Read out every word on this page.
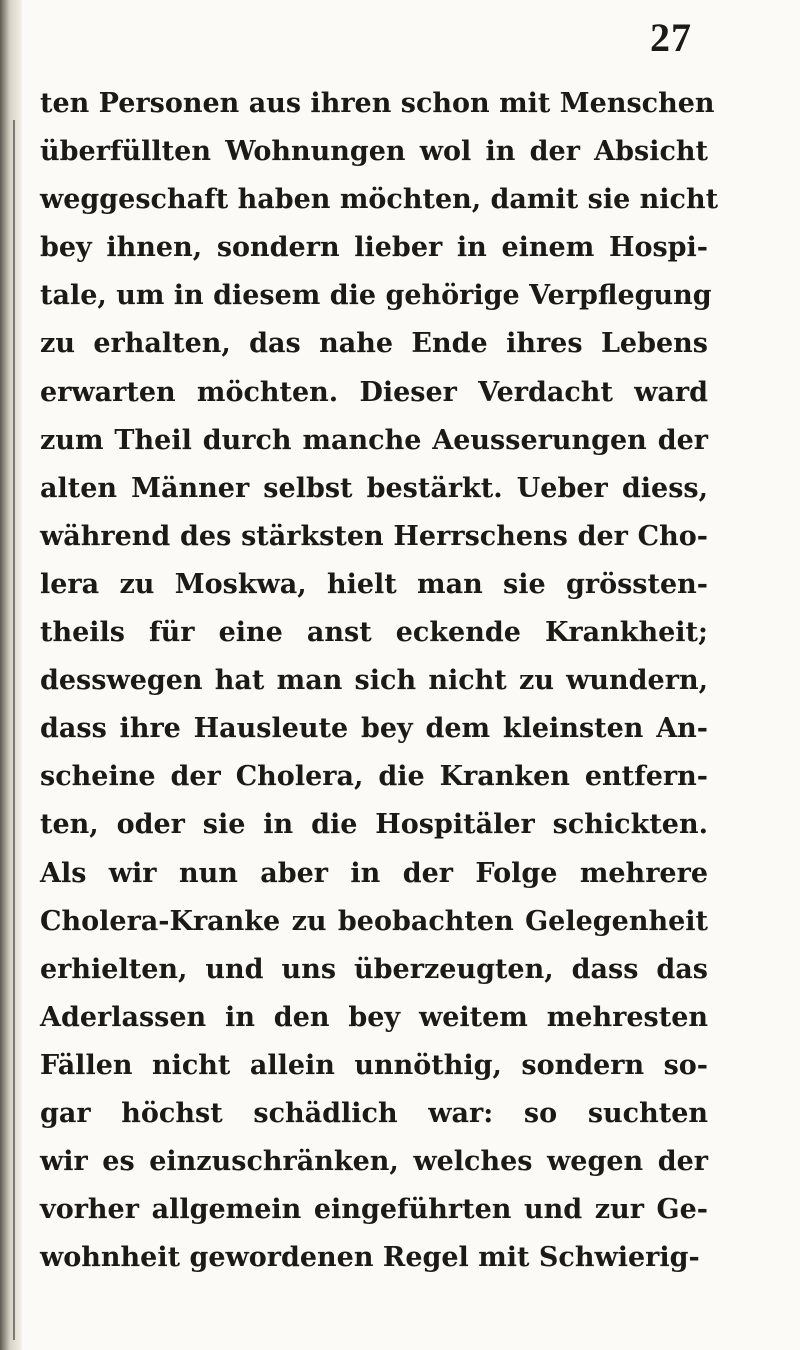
27
ten Personen aus ihren schon mit Menschen
überfüllten Wohnungen wol in der Absicht
weggeschaft haben möchten, damit sie nicht
bey ihnen, sondern lieber in einem Hospi-
tale, um in diesem die gehörige Verpflegung
zu erhalten, das nahe Ende ihres Lebens
erwarten möchten. Dieser Verdacht ward
zum Theil durch manche Aeusserungen der
alten Männer selbst bestärkt. Ueber diess,
während des stärksten Herrschens der Cho-
lera zu Moskwa, hielt man sie grössten-
theils für eine anst eckende Krankheit;
desswegen hat man sich nicht zu wundern,
dass ihre Hausleute bey dem kleinsten An-
scheine der Cholera, die Kranken entfern-
ten, oder sie in die Hospitäler schickten.
Als wir nun aber in der Folge mehrere
Cholera-Kranke zu beobachten Gelegenheit
erhielten, und uns überzeugten, dass das
Aderlassen in den bey weitem mehresten
Fällen nicht allein unnöthig, sondern so-
gar höchst schädlich war: so suchten
wir es einzuschränken, welches wegen der
vorher allgemein eingeführten und zur Ge-
wohnheit gewordenen Regel mit Schwierig-
